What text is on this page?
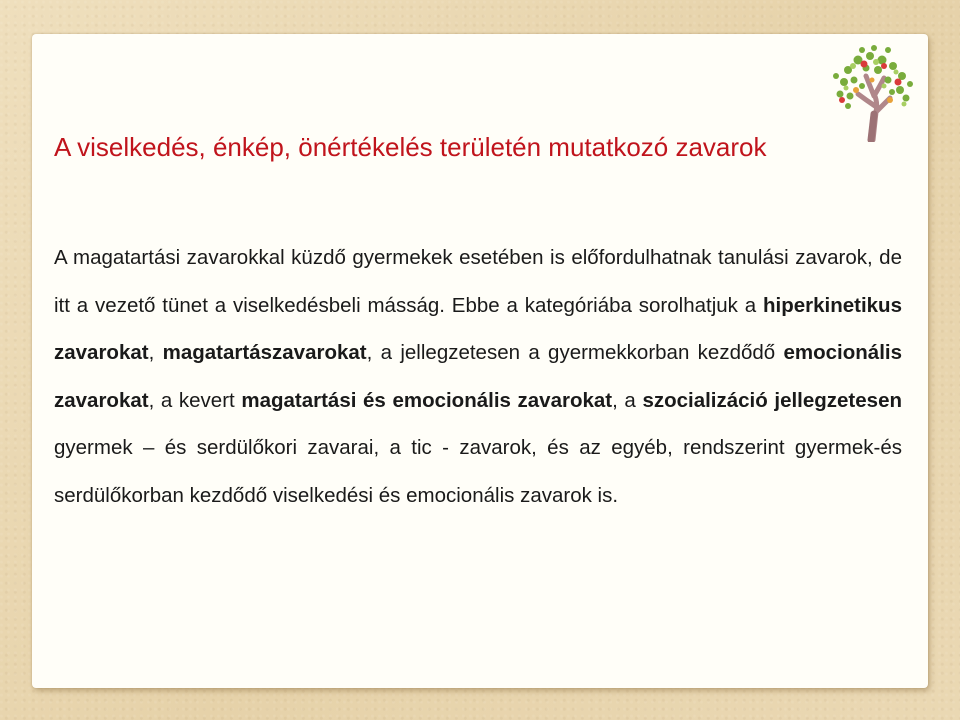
A viselkedés, énkép, önértékelés területén mutatkozó zavarok

A magatartási zavarokkal küzdő gyermekek esetében is előfordulhatnak tanulási zavarok, de itt a vezető tünet a viselkedésbeli másság. Ebbe a kategóriába sorolhatjuk a hiperkinetikus zavarokat, magatartászavarokat, a jellegzetesen a gyermekkorban kezdődő emocionális zavarokat, a kevert magatartási és emocionális zavarokat, a szocializáció jellegzetesen gyermek – és serdülőkori zavarai, a tic - zavarok, és az egyéb, rendszerint gyermek-és serdülőkorban kezdődő viselkedési és emocionális zavarok is.
